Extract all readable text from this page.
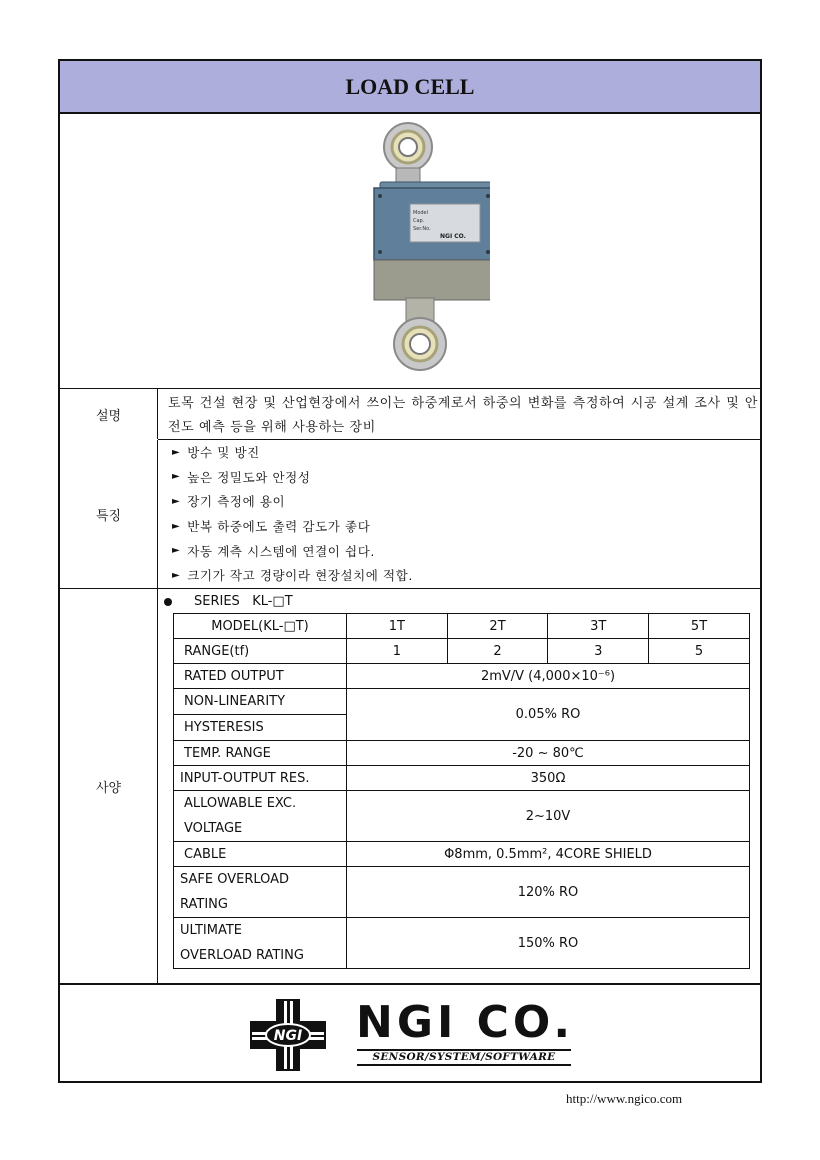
LOAD CELL
Model
Cap.
Ser.No.
NGI CO.
설명
토목 건설 현장 및 산업현장에서 쓰이는 하중계로서 하중의 변화를 측정하여 시공 설계 조사 및 안전도 예측 등을 위해 사용하는 장비
특징
► 방수 및 방진
► 높은 정밀도와 안정성
► 장기 측정에 용이
► 반복 하중에도 출력 감도가 좋다
► 자동 계측 시스템에 연결이 쉽다.
► 크기가 작고 경량이라 현장설치에 적합.
사양
SERIES   KL-□T
MODEL(KL-□T)	1T	2T	3T	5T
RANGE(tf)	1	2	3	5
RATED OUTPUT	2mV/V (4,000×10⁻⁶)			

NON-LINEARITY
HYSTERESIS	0.05% RO			
TEMP. RANGE	-20 ~ 80℃			
INPUT-OUTPUT RES.	350Ω			

ALLOWABLE EXC.
VOLTAGE	2~10V			
CABLE	Φ8mm, 0.5mm², 4CORE SHIELD			

SAFE OVERLOAD
RATING	120% RO			

ULTIMATE
OVERLOAD RATING	150% RO			
NGI NGI CO.
SENSOR/SYSTEM/SOFTWARE
http://www.ngico.com
